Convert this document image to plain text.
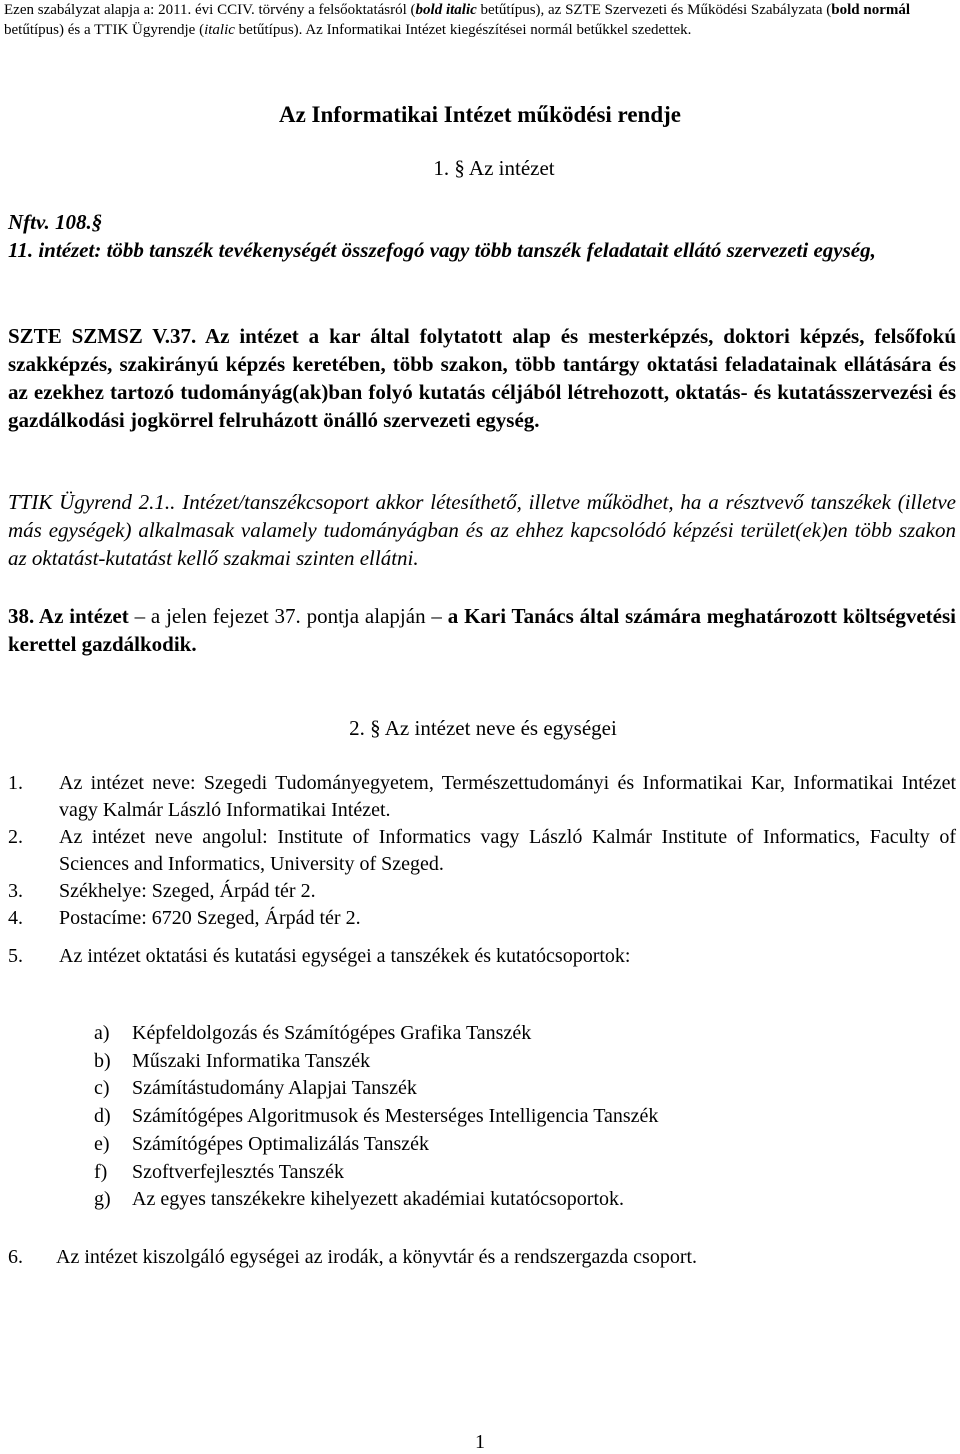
Ezen szabályzat alapja a: 2011. évi CCIV. törvény a felsőoktatásról (bold italic betűtípus), az SZTE Szervezeti és Működési Szabályzata (bold normál betűtípus) és a TTIK Ügyrendje (italic betűtípus). Az Informatikai Intézet kiegészítései normál betűkkel szedettek.
Az Informatikai Intézet működési rendje
1. § Az intézet
Nftv. 108.§
11. intézet: több tanszék tevékenységét összefogó vagy több tanszék feladatait ellátó szervezeti egység,
SZTE SZMSZ V.37. Az intézet a kar által folytatott alap és mesterképzés, doktori képzés, felsőfokú szakképzés, szakirányú képzés keretében, több szakon, több tantárgy oktatási feladatainak ellátására és az ezekhez tartozó tudományág(ak)ban folyó kutatás céljából létrehozott, oktatás- és kutatásszervezési és gazdálkodási jogkörrel felruházott önálló szervezeti egység.
TTIK Ügyrend 2.1.. Intézet/tanszékcsoport akkor létesíthető, illetve működhet, ha a résztvevő tanszékek (illetve más egységek) alkalmasak valamely tudományágban és az ehhez kapcsolódó képzési terület(ek)en több szakon az oktatást-kutatást kellő szakmai szinten ellátni.
38. Az intézet – a jelen fejezet 37. pontja alapján – a Kari Tanács által számára meghatározott költségvetési kerettel gazdálkodik.
2. § Az intézet neve és egységei
1.	Az intézet neve: Szegedi Tudományegyetem, Természettudományi és Informatikai Kar, Informatikai Intézet vagy Kalmár László Informatikai Intézet.
2.	Az intézet neve angolul: Institute of Informatics vagy László Kalmár Institute of Informatics, Faculty of Sciences and Informatics, University of Szeged.
3.	Székhelye: Szeged, Árpád tér 2.
4.	Postacíme: 6720 Szeged, Árpád tér 2.
5.	Az intézet oktatási és kutatási egységei a tanszékek és kutatócsoportok:
a)	Képfeldolgozás és Számítógépes Grafika Tanszék
b)	Műszaki Informatika Tanszék
c)	Számítástudomány Alapjai Tanszék
d)	Számítógépes Algoritmusok és Mesterséges Intelligencia Tanszék
e)	Számítógépes Optimalizálás Tanszék
f)	Szoftverfejlesztés Tanszék
g)	Az egyes tanszékekre kihelyezett akadémiai kutatócsoportok.
6.	Az intézet kiszolgáló egységei az irodák, a könyvtár és a rendszergazda csoport.
1
